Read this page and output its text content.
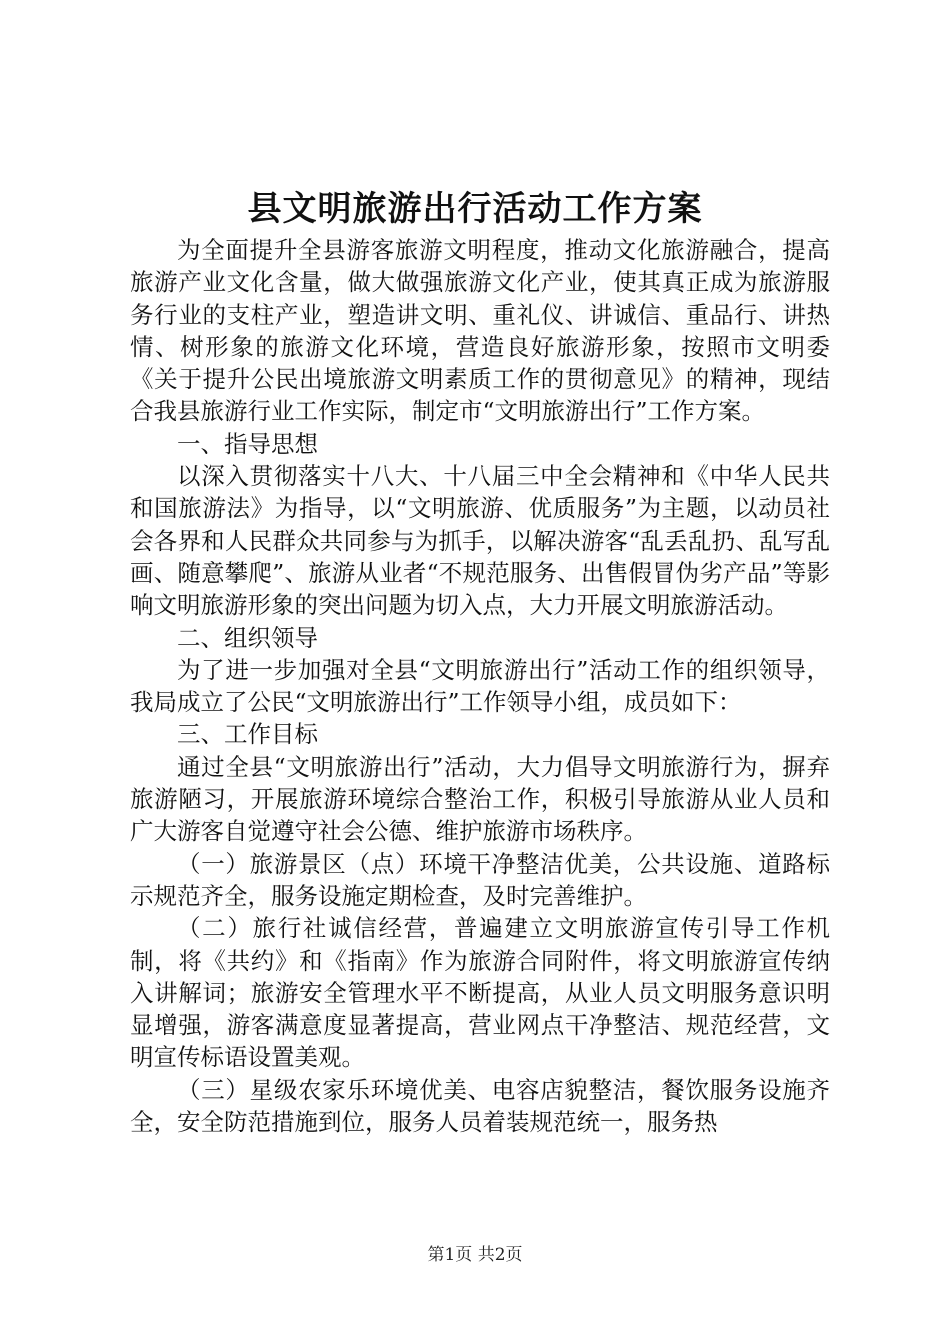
县文明旅游出行活动工作方案

为全面提升全县游客旅游文明程度，推动文化旅游融合，提高旅游产业文化含量，做大做强旅游文化产业，使其真正成为旅游服务行业的支柱产业，塑造讲文明、重礼仪、讲诚信、重品行、讲热情、树形象的旅游文化环境，营造良好旅游形象，按照市文明委《关于提升公民出境旅游文明素质工作的贯彻意见》的精神，现结合我县旅游行业工作实际，制定市“文明旅游出行”工作方案。

一、指导思想

以深入贯彻落实十八大、十八届三中全会精神和《中华人民共和国旅游法》为指导，以“文明旅游、优质服务”为主题，以动员社会各界和人民群众共同参与为抓手，以解决游客“乱丢乱扔、乱写乱画、随意攀爬”、旅游从业者“不规范服务、出售假冒伪劣产品”等影响文明旅游形象的突出问题为切入点，大力开展文明旅游活动。

二、组织领导

为了进一步加强对全县“文明旅游出行”活动工作的组织领导，我局成立了公民“文明旅游出行”工作领导小组，成员如下：

三、工作目标

通过全县“文明旅游出行”活动，大力倡导文明旅游行为，摒弃旅游陋习，开展旅游环境综合整治工作，积极引导旅游从业人员和广大游客自觉遵守社会公德、维护旅游市场秩序。

（一）旅游景区（点）环境干净整洁优美，公共设施、道路标示规范齐全，服务设施定期检查，及时完善维护。

（二）旅行社诚信经营，普遍建立文明旅游宣传引导工作机制，将《共约》和《指南》作为旅游合同附件，将文明旅游宣传纳入讲解词；旅游安全管理水平不断提高，从业人员文明服务意识明显增强，游客满意度显著提高，营业网点干净整洁、规范经营，文明宣传标语设置美观。

（三）星级农家乐环境优美、电容店貌整洁，餐饮服务设施齐全，安全防范措施到位，服务人员着装规范统一，服务热

第1页 共2页
